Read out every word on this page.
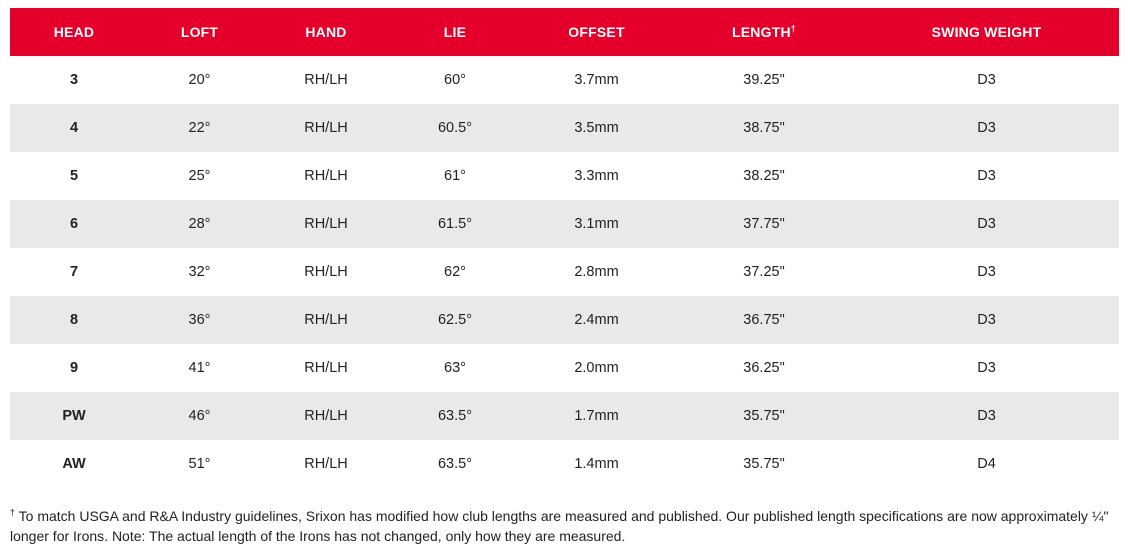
HEAD	LOFT	HAND	LIE	OFFSET	LENGTH†	SWING WEIGHT
3	20°	RH/LH	60°	3.7mm	39.25"	D3
4	22°	RH/LH	60.5°	3.5mm	38.75"	D3
5	25°	RH/LH	61°	3.3mm	38.25"	D3
6	28°	RH/LH	61.5°	3.1mm	37.75"	D3
7	32°	RH/LH	62°	2.8mm	37.25"	D3
8	36°	RH/LH	62.5°	2.4mm	36.75"	D3
9	41°	RH/LH	63°	2.0mm	36.25"	D3
PW	46°	RH/LH	63.5°	1.7mm	35.75"	D3
AW	51°	RH/LH	63.5°	1.4mm	35.75"	D4
† To match USGA and R&A Industry guidelines, Srixon has modified how club lengths are measured and published. Our published length specifications are now approximately ¼" longer for Irons. Note: The actual length of the Irons has not changed, only how they are measured.
